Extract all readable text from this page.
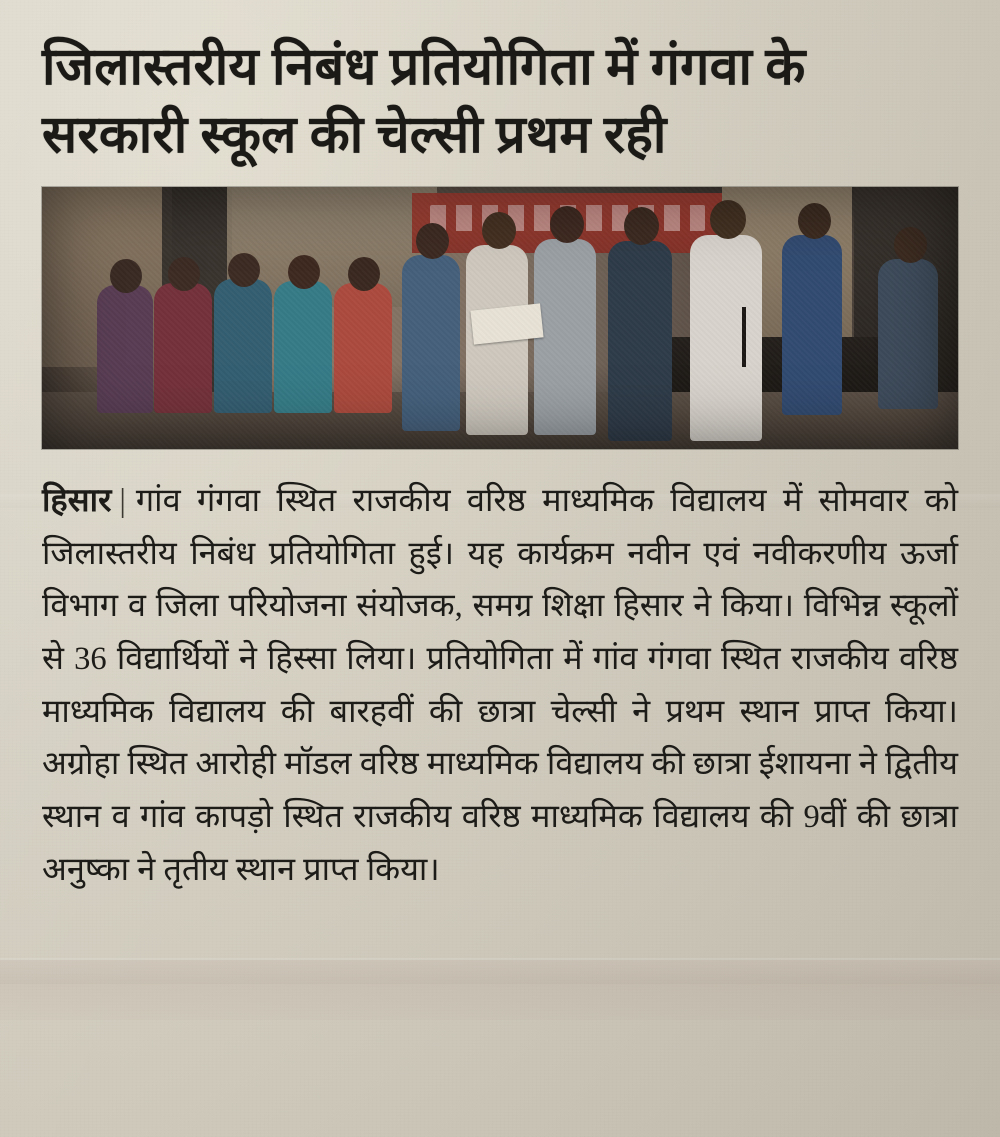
जिलास्तरीय निबंध प्रतियोगिता में गंगवा के सरकारी स्कूल की चेल्सी प्रथम रही

हिसार | गांव गंगवा स्थित राजकीय वरिष्ठ माध्यमिक विद्यालय में सोमवार को जिलास्तरीय निबंध प्रतियोगिता हुई। यह कार्यक्रम नवीन एवं नवीकरणीय ऊर्जा विभाग व जिला परियोजना संयोजक, समग्र शिक्षा हिसार ने किया। विभिन्न स्कूलों से 36 विद्यार्थियों ने हिस्सा लिया। प्रतियोगिता में गांव गंगवा स्थित राजकीय वरिष्ठ माध्यमिक विद्यालय की बारहवीं की छात्रा चेल्सी ने प्रथम स्थान प्राप्त किया। अग्रोहा स्थित आरोही मॉडल वरिष्ठ माध्यमिक विद्यालय की छात्रा ईशायना ने द्वितीय स्थान व गांव कापड़ो स्थित राजकीय वरिष्ठ माध्यमिक विद्यालय की 9वीं की छात्रा अनुष्का ने तृतीय स्थान प्राप्त किया।
